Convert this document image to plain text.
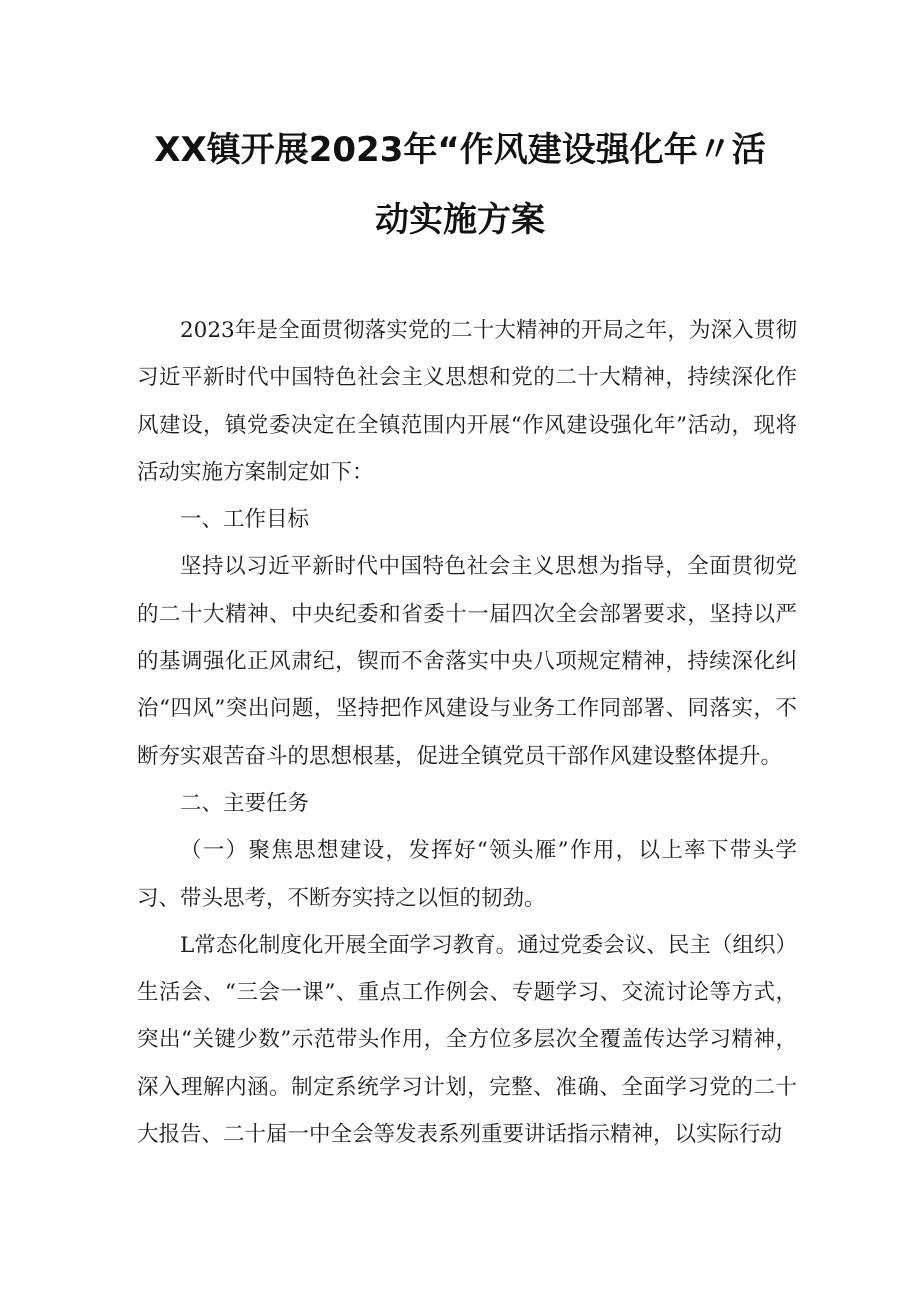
XX镇开展2023年“作风建设强化年〃活
动实施方案

2023年是全面贯彻落实党的二十大精神的开局之年，为深入贯彻习近平新时代中国特色社会主义思想和党的二十大精神，持续深化作风建设，镇党委决定在全镇范围内开展“作风建设强化年”活动，现将活动实施方案制定如下：

一、工作目标

坚持以习近平新时代中国特色社会主义思想为指导，全面贯彻党的二十大精神、中央纪委和省委十一届四次全会部署要求，坚持以严的基调强化正风肃纪，锲而不舍落实中央八项规定精神，持续深化纠治“四风”突出问题，坚持把作风建设与业务工作同部署、同落实，不断夯实艰苦奋斗的思想根基，促进全镇党员干部作风建设整体提升。

二、主要任务

（一）聚焦思想建设，发挥好“领头雁”作用，以上率下带头学习、带头思考，不断夯实持之以恒的韧劲。

L常态化制度化开展全面学习教育。通过党委会议、民主（组织）生活会、“三会一课”、重点工作例会、专题学习、交流讨论等方式，突出“关键少数”示范带头作用，全方位多层次全覆盖传达学习精神，深入理解内涵。制定系统学习计划，完整、准确、全面学习党的二十大报告、二十届一中全会等发表系列重要讲话指示精神，以实际行动
